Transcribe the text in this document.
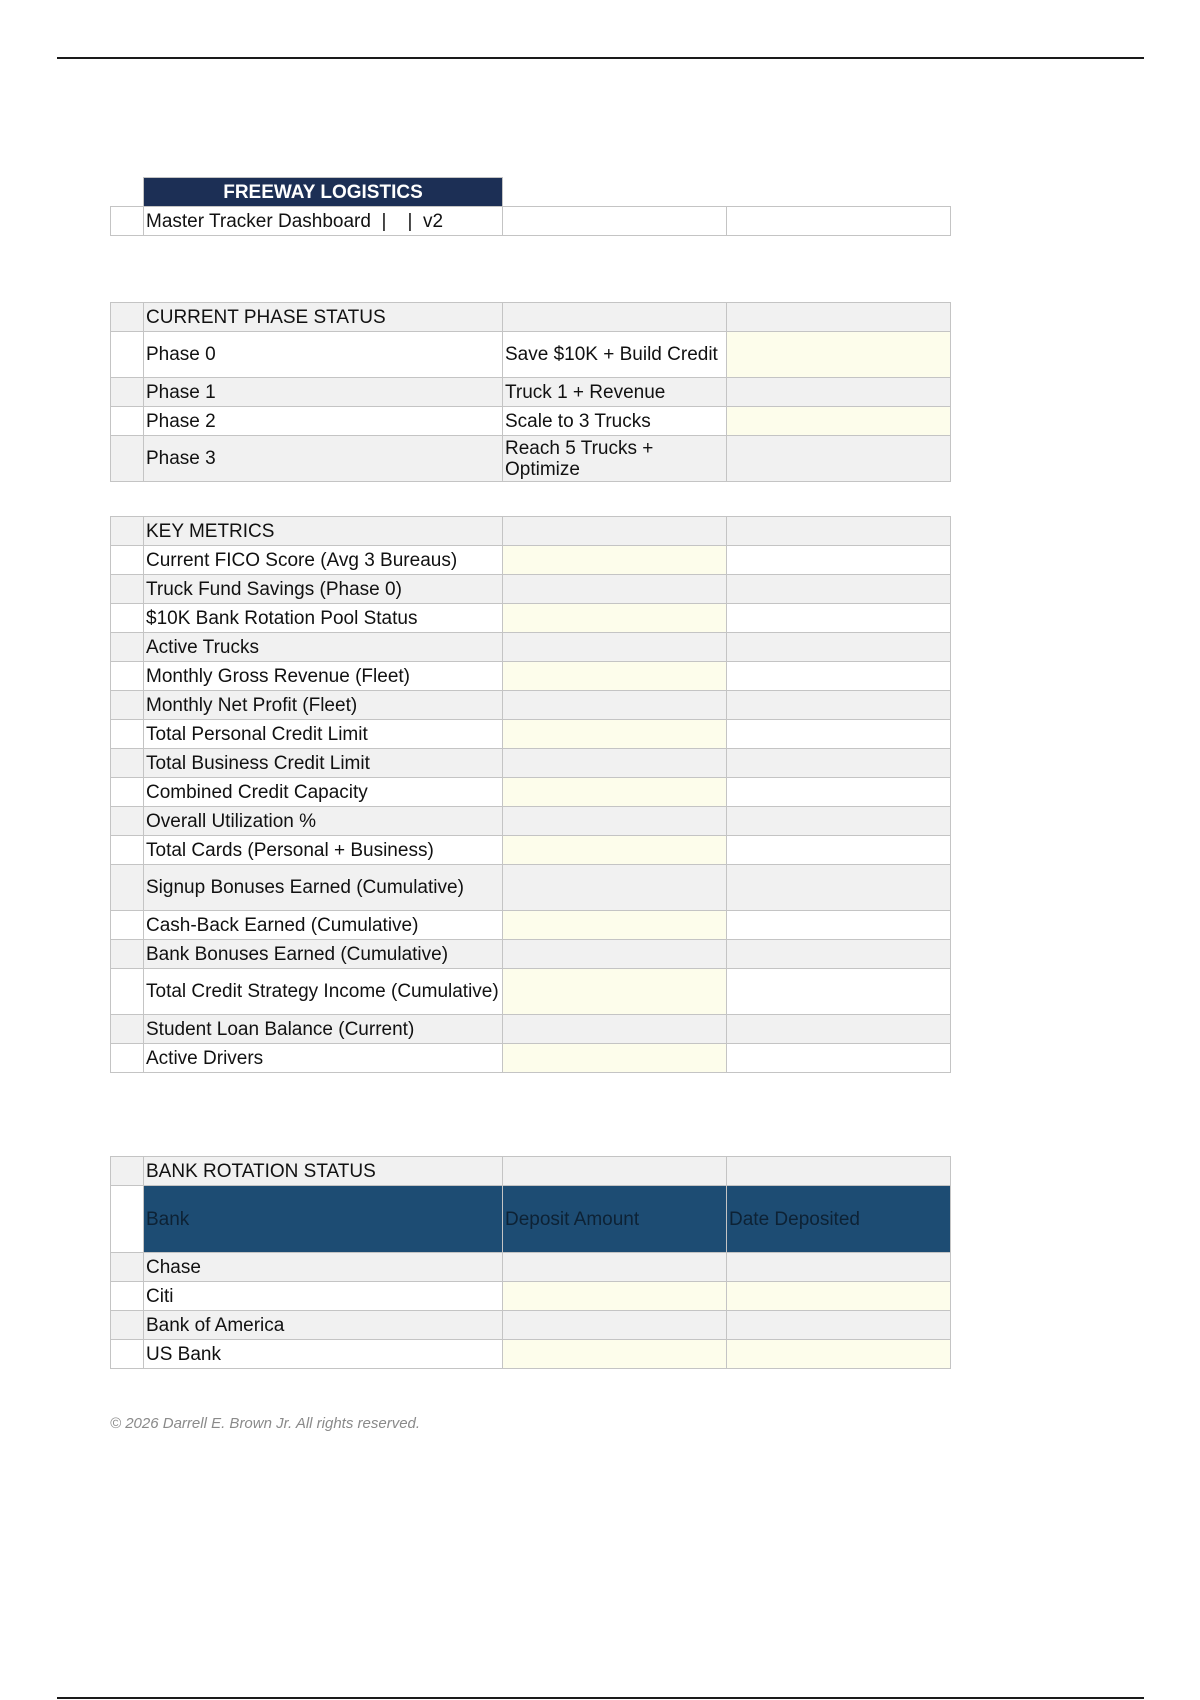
	FREEWAY LOGISTICS		
	Master Tracker Dashboard  |    |  v2		
	CURRENT PHASE STATUS		
	Phase 0	Save $10K + Build Credit	
	Phase 1	Truck 1 + Revenue	
	Phase 2	Scale to 3 Trucks	
	Phase 3	Reach 5 Trucks + Optimize	
	KEY METRICS		
	Current FICO Score (Avg 3 Bureaus)		
	Truck Fund Savings (Phase 0)		
	$10K Bank Rotation Pool Status		
	Active Trucks		
	Monthly Gross Revenue (Fleet)		
	Monthly Net Profit (Fleet)		
	Total Personal Credit Limit		
	Total Business Credit Limit		
	Combined Credit Capacity		
	Overall Utilization %		
	Total Cards (Personal + Business)		
	Signup Bonuses Earned (Cumulative)		
	Cash-Back Earned (Cumulative)		
	Bank Bonuses Earned (Cumulative)		
	Total Credit Strategy Income (Cumulative)		
	Student Loan Balance (Current)		
	Active Drivers		
	BANK ROTATION STATUS		
	Bank	Deposit Amount	Date Deposited
	Chase		
	Citi		
	Bank of America		
	US Bank		
© 2026 Darrell E. Brown Jr. All rights reserved.
